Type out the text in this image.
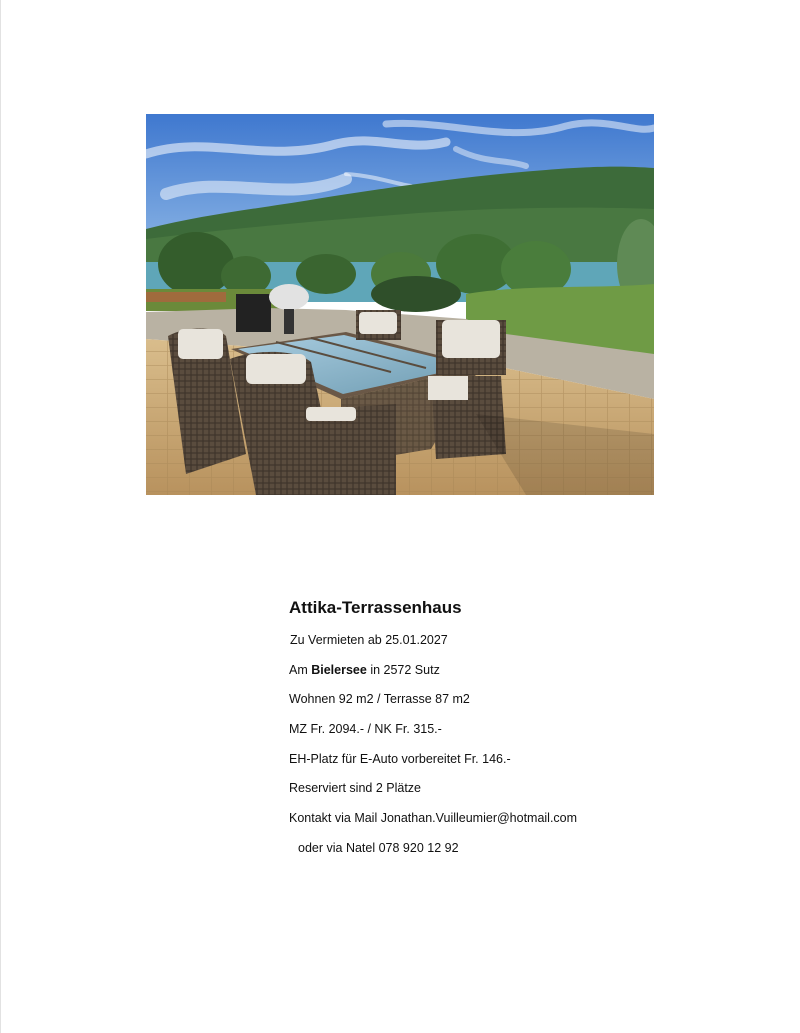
Attika-Terrassenhaus
Zu Vermieten ab 25.01.2027
Am Bielersee in 2572 Sutz
Wohnen 92 m2 / Terrasse 87 m2
MZ Fr. 2094.- / NK Fr. 315.-
EH-Platz für E-Auto vorbereitet Fr. 146.-
Reserviert sind 2 Plätze
Kontakt via Mail Jonathan.Vuilleumier@hotmail.com
oder via Natel 078 920 12 92
